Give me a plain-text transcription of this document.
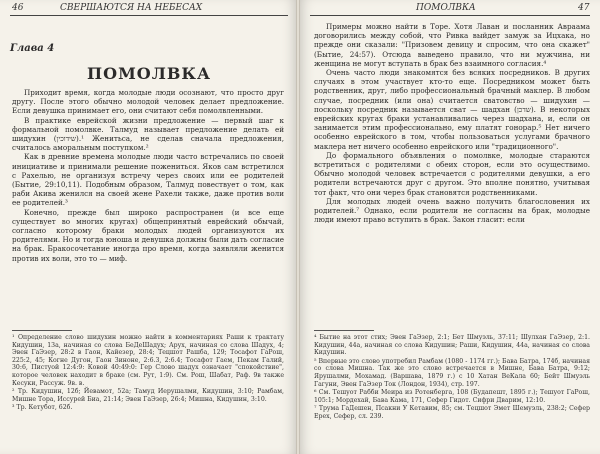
46	СВЕРШАЮТСЯ НА НЕБЕСАХ
Глава 4
ПОМОЛВКА

Приходит время, когда молодые люди осознают, что просто друг другу. После этого обычно молодой человек делает предложение. Если девушка принимает его, они считают себя помолвленными.

В практике еврейской жизни предложение — первый шаг к формальной помолвке. Талмуд называет предложение делать ей шидухин (שידוכין).¹ Женитьса, не сделав сначала предложения, считалось аморальным поступком.²

Как в древние времена молодые люди часто встречались по своей инициативе и принимали решение пожениться. Яков сам встретился с Рахелью, не организуя встречу через своих или ее родителей (Бытие, 29:10,11). Подобным образом, Талмуд повествует о том, как раби Акива женился на своей жене Рахели также, даже против воли ее родителей.³

Конечно, прежде был широко распространен (и все еще существует во многих кругах) общепринятый еврейский обычай, согласно которому браки молодых людей организуются их родителями. Но и тогда юноша и девушка должны были дать согласие на брак. Бракосочетание иногда про время, когда заявляли женится против их воли, это то — миф.

¹ Определение слово шидухин можно найти в комментариях Раши к трактату Кидушин, 13а, начиная со слова БеДеШадух; Арух, начиная со слова Шадух, 4; Эвен ГаЭзер, 28:2 в Гаон, Кайезер, 28:4; Тецшот Рашба, 129; Тосафот ГаРош, 225:2, 45; Когне Дугон, Гаон Зиноне, 2:6.3, 2:6.4; Тосафот Гаем, Пекам Галий, 30:6, Пистуой 12:4:9: Ковой 40:49:0: Гер Слово шадух означает "спокойствие", которое человек находит в браке (см. Рут, 1:9). См. Рош, Шабат, Раф. 9в также Кесуки, Рассуж. 9в. в.
² Тр. Кидушин, 12б; Йевамот, 52а; Тамуд Иерушалми, Кидушин, 3:10; Рамбам, Мишне Тора, Иссурей Биа, 21:14; Эвен ГаЭзер, 26:4; Мишна, Кидушин, 3:10.
³ Тр. Кетубот, 62б.
ПОМОЛВКА	47

Примеры можно найти в Торе. Хотя Лаван и посланник Авраама договорились между собой, что Ривка выйдет замуж за Ицхака, но прежде они сказали: "Призовем девицу и спросим, что она скажет" (Бытие, 24:57). Отсюда выведено правило, что ни мужчина, ни женщина не могут вступать в брак без взаимного согласия.⁴

Очень часто люди знакомятся без всяких посредников. В других случаях в этом участвует кто-то еще. Посредником может быть родственник, друг, либо профессиональный брачный маклер. В любом случае, посредник (или она) считается сватовство — шидухин — поскольку посредник называется сват — шадхан (שדכן). В некоторых еврейских кругах браки устанавливались через шадхана, и, если он занимается этим профессионально, ему платят гонорар.⁵ Нет ничего особенно еврейского в том, чтобы пользоваться услугами брачного маклера нет ничего особенно еврейского или "традиционного".

До формального объявления о помолвке, молодые стараются встретиться с родителями с обеих сторон, если это осуществимо. Обычно молодой человек встречается с родителями девушки, а его родители встречаются друг с другом. Это вполне понятно, учитывая тот факт, что они через брак становятся родственниками.

Для молодых людей очень важно получить благословения их родителей.⁷ Однако, если родители не согласны на брак, молодые люди имеют право вступить в брак. Закон гласит: если

⁴ Бытие на этот стих; Эвен ГаЭзер, 2:1; Бет Шмуэль, 37:11; Шулхан ГаЭзер, 2:1. Кидушин, 44а, начиная со слова Кидушин; Раши, Кидушин, 44а, начиная со слова Кидушин.
⁵ Впервые это слово употребил Рамбам (1080 - 1174 гг.); Бава Батра, 174б, начиная со слова Мишна. Так же это слово встречается в Мишне, Бава Батра, 9:12; Ярушалми, Мохамад. (Варшава, 1879 г.) с 10 Хатан ВеКала 60; Бейт Шмуэль Гагуни, Эвен ГаЭзер Ток (Лондон, 1934), стр. 197.
⁶ См. Тешуот Рабби Меира из Ротенберга, 108 (Будапешт, 1895 г.); Тешуот ГаРош, 105:1; Мордехай, Бава Кама, 171, Сефер Гидот. Сифри Дварим, 12:10.
⁷ Трума ГаДешен, Псакни У Кетавим, 85; см. Тецшот Эмет Шемуэль, 238:2; Сефер Ерех, Сефер, сл. 239.
